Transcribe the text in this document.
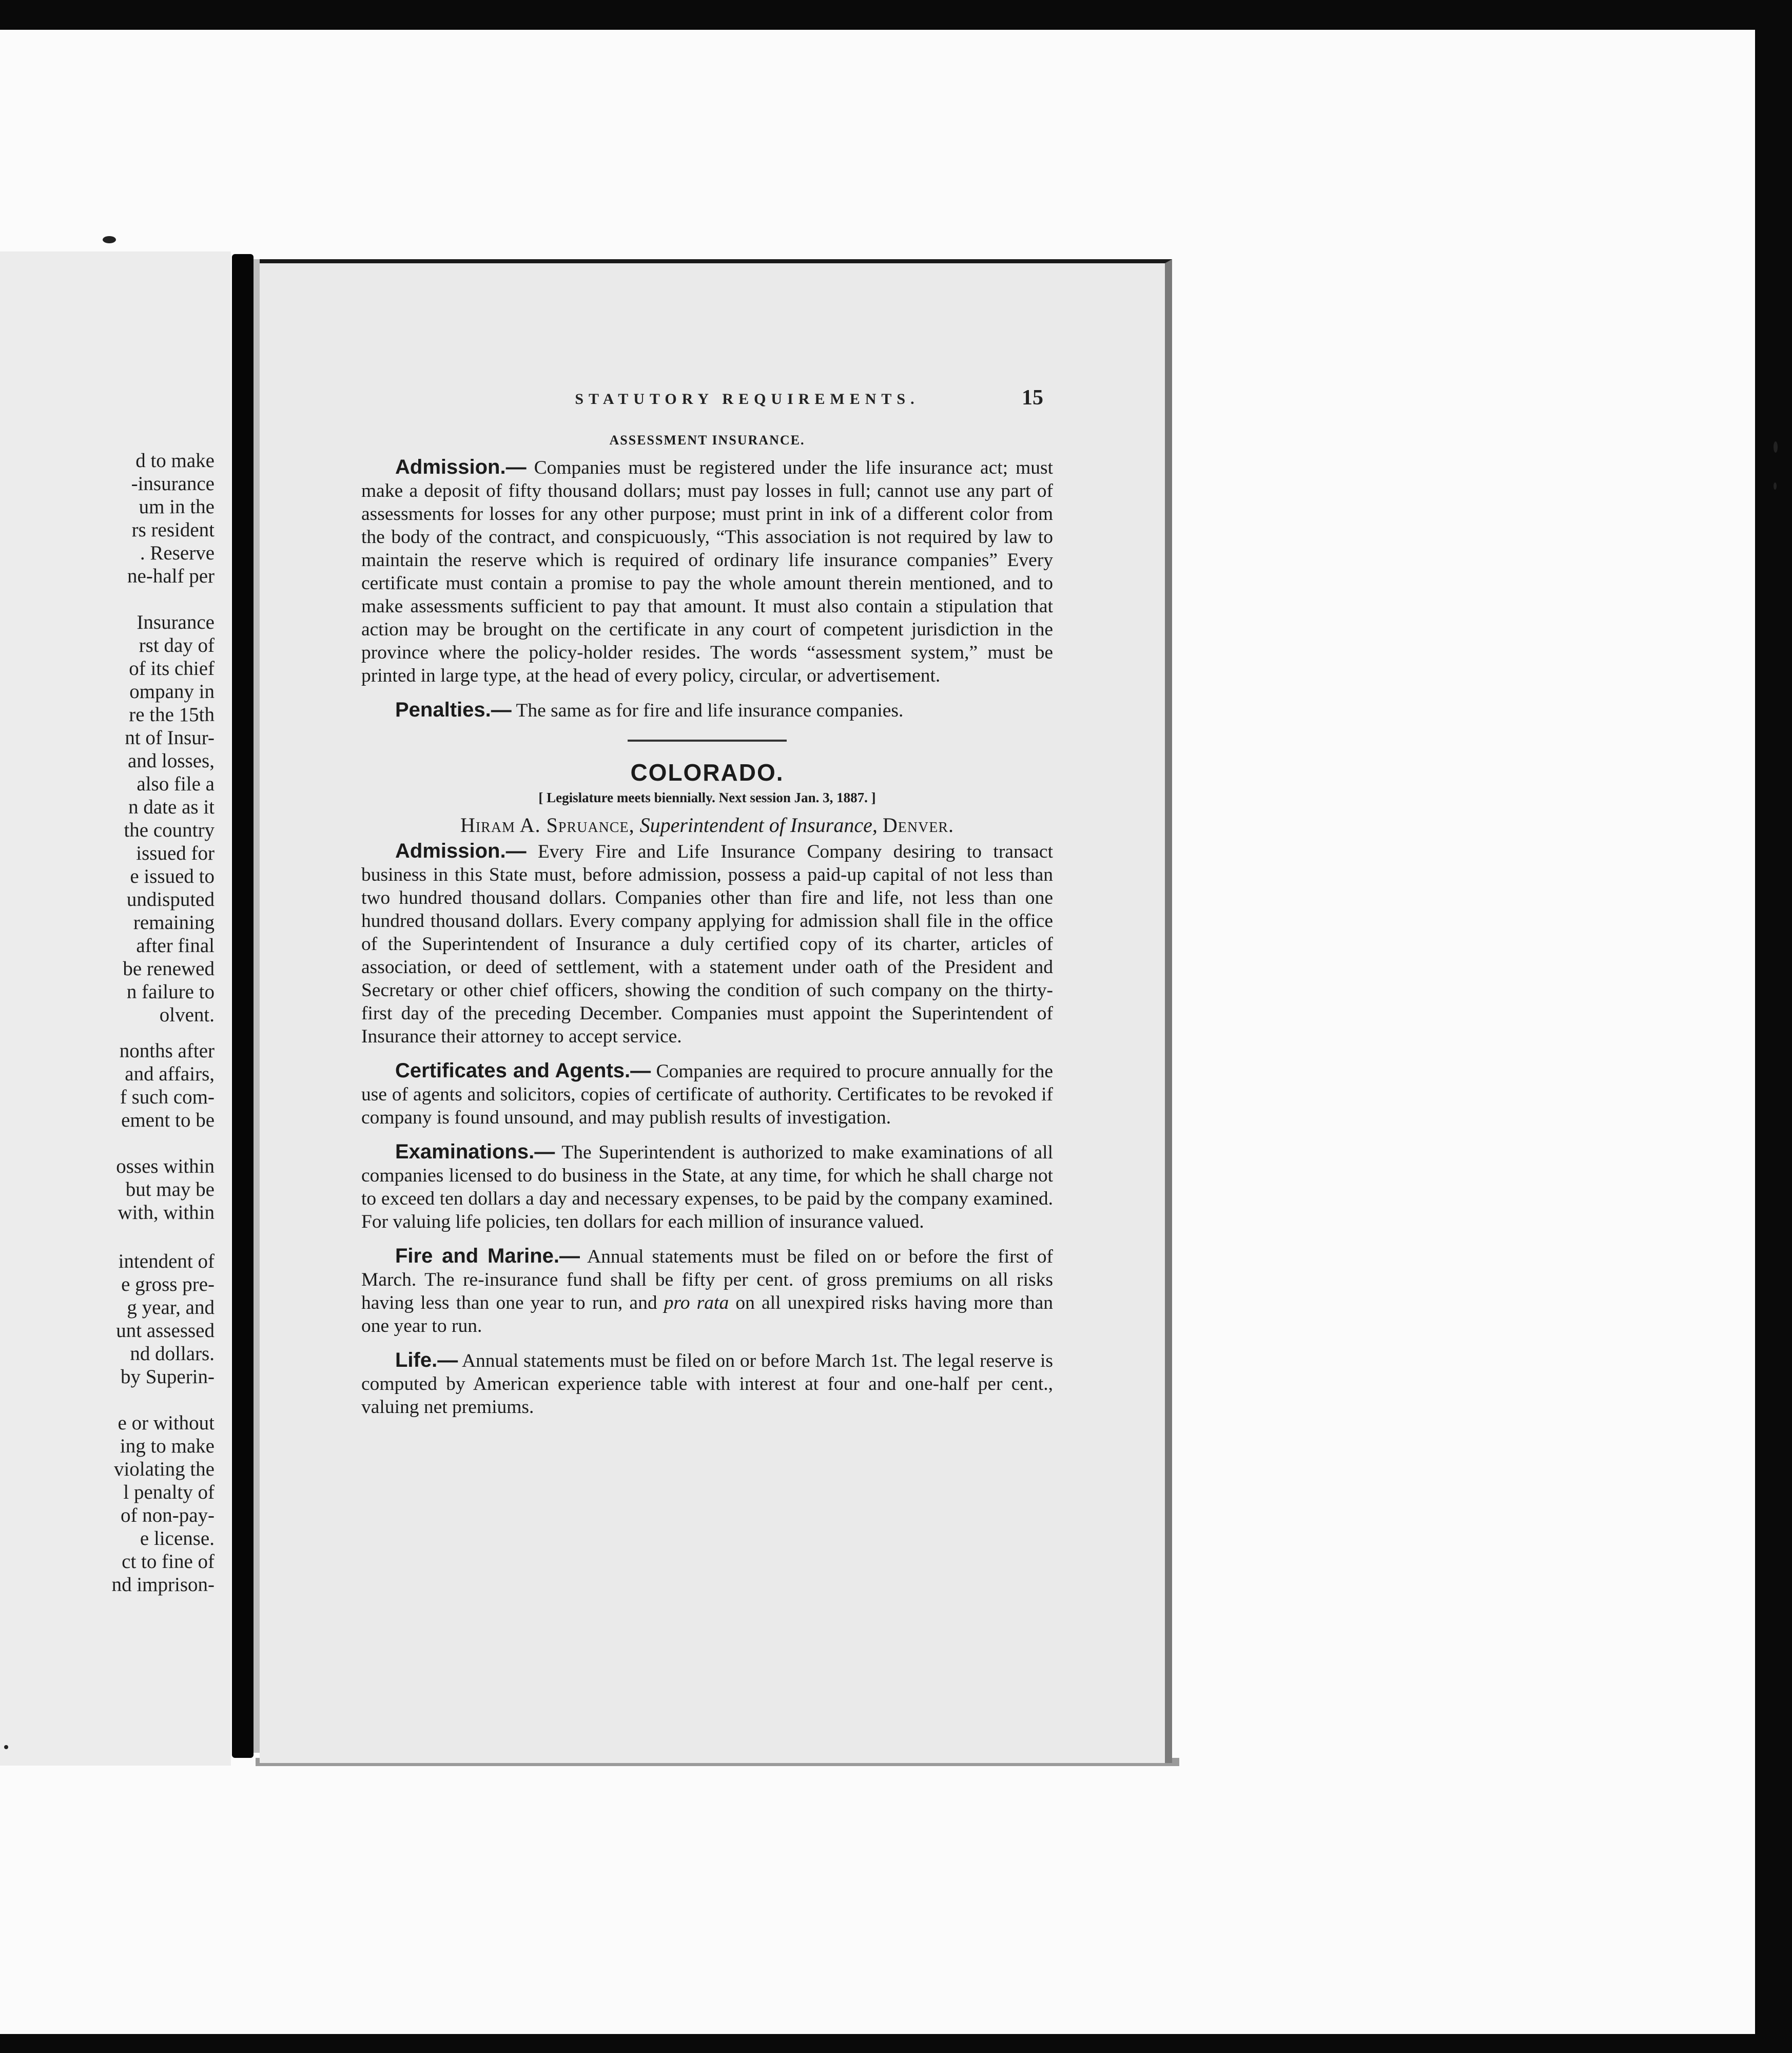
d to make
-insurance
um in the
rs resident
. Reserve
ne-half per
Insurance
rst day of
of its chief
ompany in
re the 15th
nt of Insur-
and losses,
also file a
n date as it
the country
issued for
e issued to
undisputed
remaining
after final
be renewed
n failure to
olvent.
nonths after
and affairs,
f such com-
ement to be
osses within
but may be
with, within
intendent of
e gross pre-
g year, and
unt assessed
nd dollars.
by Superin-
e or without
ing to make
violating the
l penalty of
of non-pay-
e license.
ct to fine of
nd imprison-
STATUTORY REQUIREMENTS.	15
ASSESSMENT INSURANCE.

Admission.— Companies must be registered under the life insurance act; must make a deposit of fifty thousand dollars; must pay losses in full; cannot use any part of assessments for losses for any other purpose; must print in ink of a different color from the body of the contract, and conspicuously, “This association is not required by law to maintain the reserve which is required of ordinary life insurance companies” Every certificate must contain a promise to pay the whole amount therein mentioned, and to make assessments sufficient to pay that amount. It must also contain a stipulation that action may be brought on the certificate in any court of competent jurisdiction in the province where the policy-holder resides. The words “assessment system,” must be printed in large type, at the head of every policy, circular, or advertisement.

Penalties.— The same as for fire and life insurance companies.

COLORADO.
[ Legislature meets biennially. Next session Jan. 3, 1887. ]
Hiram A. Spruance, Superintendent of Insurance, Denver.

Admission.— Every Fire and Life Insurance Company desiring to transact business in this State must, before admission, possess a paid-up capital of not less than two hundred thousand dollars. Companies other than fire and life, not less than one hundred thousand dollars. Every company applying for admission shall file in the office of the Superintendent of Insurance a duly certified copy of its charter, articles of association, or deed of settlement, with a statement under oath of the President and Secretary or other chief officers, showing the condition of such company on the thirty-first day of the preceding December. Companies must appoint the Superintendent of Insurance their attorney to accept service.

Certificates and Agents.— Companies are required to procure annually for the use of agents and solicitors, copies of certificate of authority. Certificates to be revoked if company is found unsound, and may publish results of investigation.

Examinations.— The Superintendent is authorized to make examinations of all companies licensed to do business in the State, at any time, for which he shall charge not to exceed ten dollars a day and necessary expenses, to be paid by the company examined. For valuing life policies, ten dollars for each million of insurance valued.

Fire and Marine.— Annual statements must be filed on or before the first of March. The re-insurance fund shall be fifty per cent. of gross premiums on all risks having less than one year to run, and pro rata on all unexpired risks having more than one year to run.

Life.— Annual statements must be filed on or before March 1st. The legal reserve is computed by American experience table with interest at four and one-half per cent., valuing net premiums.
